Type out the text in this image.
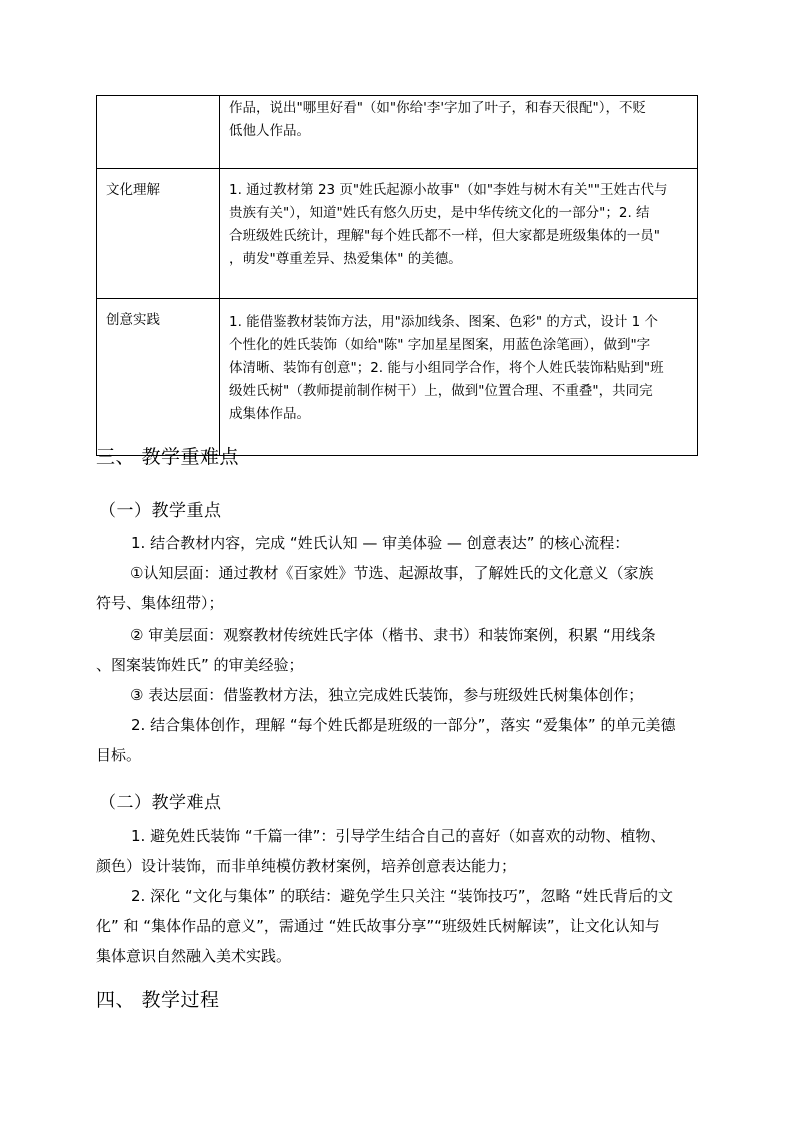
	作品，说出"哪里好看"（如"你给'李'字加了叶子，和春天很配"），不贬
低他人作品。

文化理解	1. 通过教材第 23 页"姓氏起源小故事"（如"李姓与树木有关""王姓古代与
贵族有关"），知道"姓氏有悠久历史，是中华传统文化的一部分"；2. 结
合班级姓氏统计，理解"每个姓氏都不一样，但大家都是班级集体的一员"
，萌发"尊重差异、热爱集体" 的美德。

创意实践	1. 能借鉴教材装饰方法，用"添加线条、图案、色彩" 的方式，设计 1 个
个性化的姓氏装饰（如给"陈" 字加星星图案，用蓝色涂笔画），做到"字
体清晰、装饰有创意"；2. 能与小组同学合作，将个人姓氏装饰粘贴到"班
级姓氏树"（教师提前制作树干）上，做到"位置合理、不重叠"，共同完
成集体作品。
三、 教学重难点
（一）教学重点
1. 结合教材内容，完成 “姓氏认知 — 审美体验 — 创意表达” 的核心流程：
①认知层面：通过教材《百家姓》节选、起源故事，了解姓氏的文化意义（家族
符号、集体纽带）；
② 审美层面：观察教材传统姓氏字体（楷书、隶书）和装饰案例，积累 “用线条
、图案装饰姓氏” 的审美经验；
③ 表达层面：借鉴教材方法，独立完成姓氏装饰，参与班级姓氏树集体创作；
2. 结合集体创作，理解 “每个姓氏都是班级的一部分”，落实 “爱集体” 的单元美德
目标。
（二）教学难点
1. 避免姓氏装饰 “千篇一律”：引导学生结合自己的喜好（如喜欢的动物、植物、
颜色）设计装饰，而非单纯模仿教材案例，培养创意表达能力；
2. 深化 “文化与集体” 的联结：避免学生只关注 “装饰技巧”，忽略 “姓氏背后的文
化” 和 “集体作品的意义”，需通过 “姓氏故事分享”“班级姓氏树解读”，让文化认知与
集体意识自然融入美术实践。
四、 教学过程
